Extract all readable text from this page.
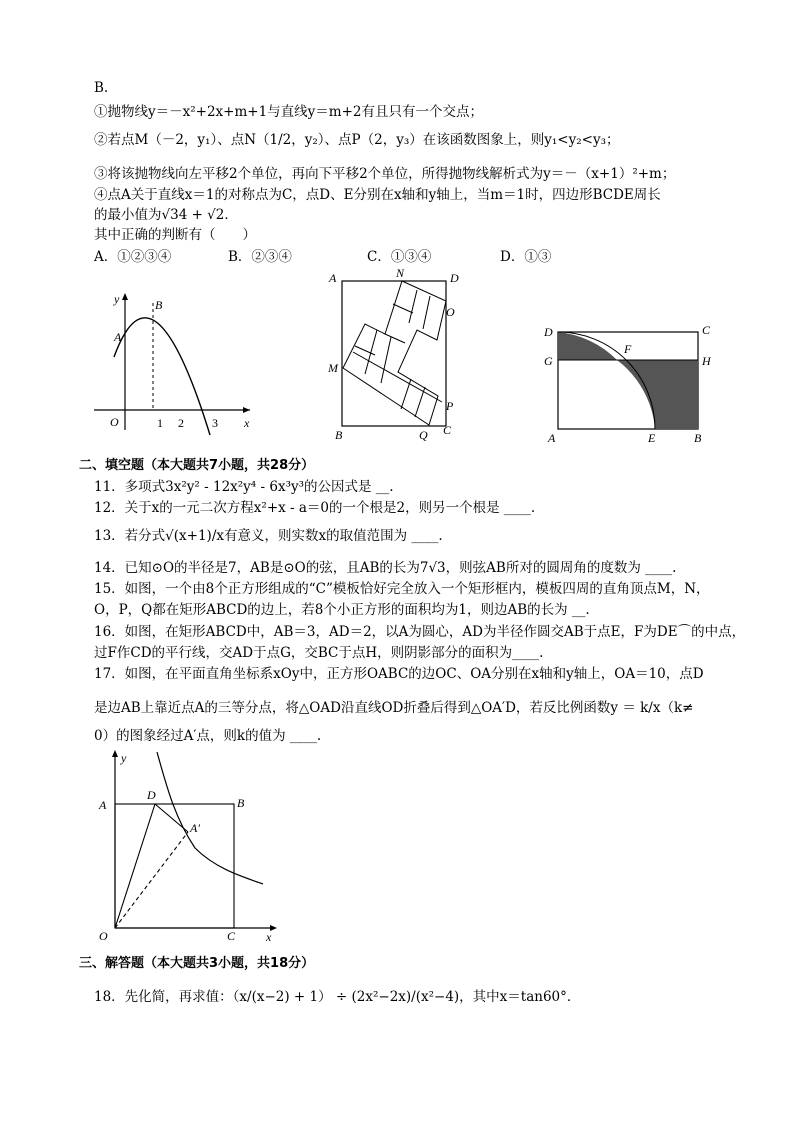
B.
①抛物线y＝－x²+2x+m+1与直线y＝m+2有且只有一个交点；
②若点M（－2，y₁）、点N（1/2，y₂）、点P（2，y₃）在该函数图象上，则y₁<y₂<y₃；
③将该抛物线向左平移2个单位，再向下平移2个单位，所得抛物线解析式为y＝－（x+1）²+m；
④点A关于直线x＝1的对称点为C，点D、E分别在x轴和y轴上，当m＝1时，四边形BCDE周长
的最小值为√34 + √2．
其中正确的判断有（　　）
A．①②③④	B．②③④	C．①③④	D．①③
y
x
O
A
B
1 2 3
A	N	D
O
M
P
B	Q C
D	C
G
F
H
A	E	B
二、填空题（本大题共7小题，共28分）
11．多项式3x²y² - 12x²y⁴ - 6x³y³的公因式是 __.
12．关于x的一元二次方程x²+x - a＝0的一个根是2，则另一个根是 ____.
13．若分式√(x+1)/x有意义，则实数x的取值范围为 ____.
14．已知⊙O的半径是7，AB是⊙O的弦，且AB的长为7√3，则弦AB所对的圆周角的度数为 ____.
15．如图，一个由8个正方形组成的“C”模板恰好完全放入一个矩形框内，模板四周的直角顶点M，N，
O，P，Q都在矩形ABCD的边上，若8个小正方形的面积均为1，则边AB的长为 __.
16．如图，在矩形ABCD中，AB＝3，AD＝2，以A为圆心，AD为半径作圆交AB于点E，F为DE⌒的中点，
过F作CD的平行线，交AD于点G，交BC于点H，则阴影部分的面积为____.
17．如图，在平面直角坐标系xOy中，正方形OABC的边OC、OA分别在x轴和y轴上，OA＝10，点D
是边AB上靠近点A的三等分点，将△OAD沿直线OD折叠后得到△OA′D，若反比例函数y ＝ k/x（k≠
0）的图象经过A′点，则k的值为 ____.
y
x
O
A
D
B
A′
C
三、解答题（本大题共3小题，共18分）
18．先化简，再求值：（x/(x−2) + 1） ÷ (2x²−2x)/(x²−4)，其中x＝tan60°．
